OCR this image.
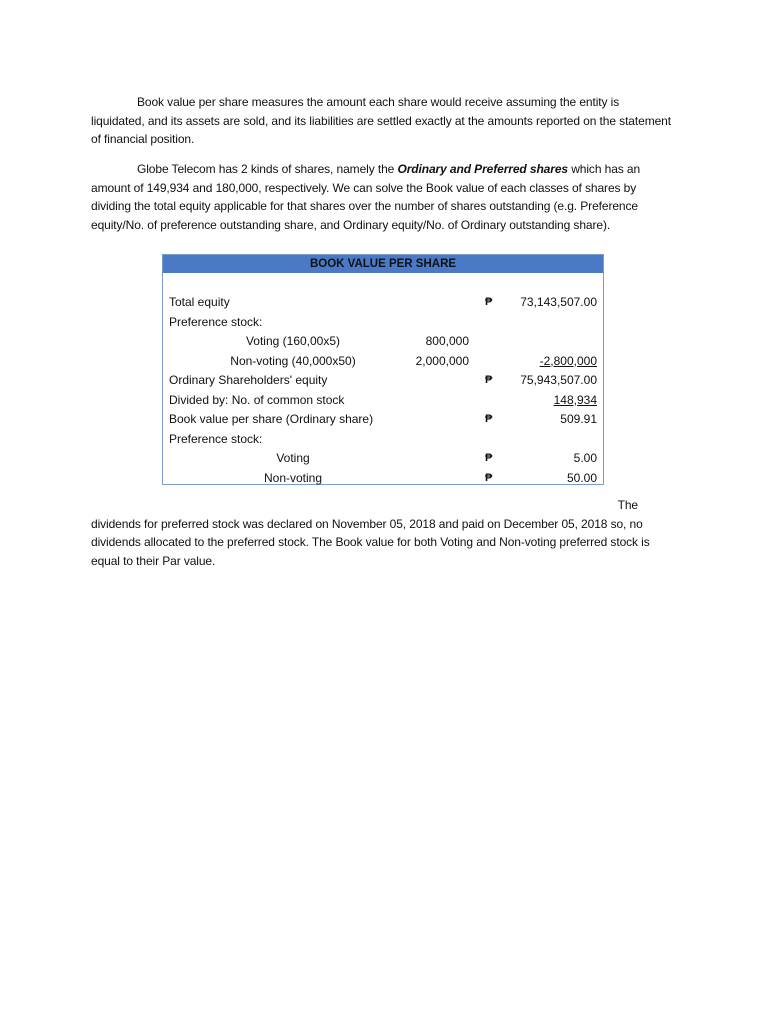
Book value per share measures the amount each share would receive assuming the entity is liquidated, and its assets are sold, and its liabilities are settled exactly at the amounts reported on the statement of financial position.
Globe Telecom has 2 kinds of shares, namely the Ordinary and Preferred shares which has an amount of 149,934 and 180,000, respectively. We can solve the Book value of each classes of shares by dividing the total equity applicable for that shares over the number of shares outstanding (e.g. Preference equity/No. of preference outstanding share, and Ordinary equity/No. of Ordinary outstanding share).
BOOK VALUE PER SHARE
Total equity	₱ 73,143,507.00
Preference stock:
Voting (160,00x5)	800,000
Non-voting (40,000x50)	2,000,000	-2,800,000
Ordinary Shareholders' equity	₱ 75,943,507.00
Divided by: No. of common stock	148,934
Book value per share (Ordinary share)	₱	509.91
Preference stock:
Voting	₱	5.00
Non-voting	₱	50.00
The
dividends for preferred stock was declared on November 05, 2018 and paid on December 05, 2018 so, no dividends allocated to the preferred stock. The Book value for both Voting and Non-voting preferred stock is equal to their Par value.
